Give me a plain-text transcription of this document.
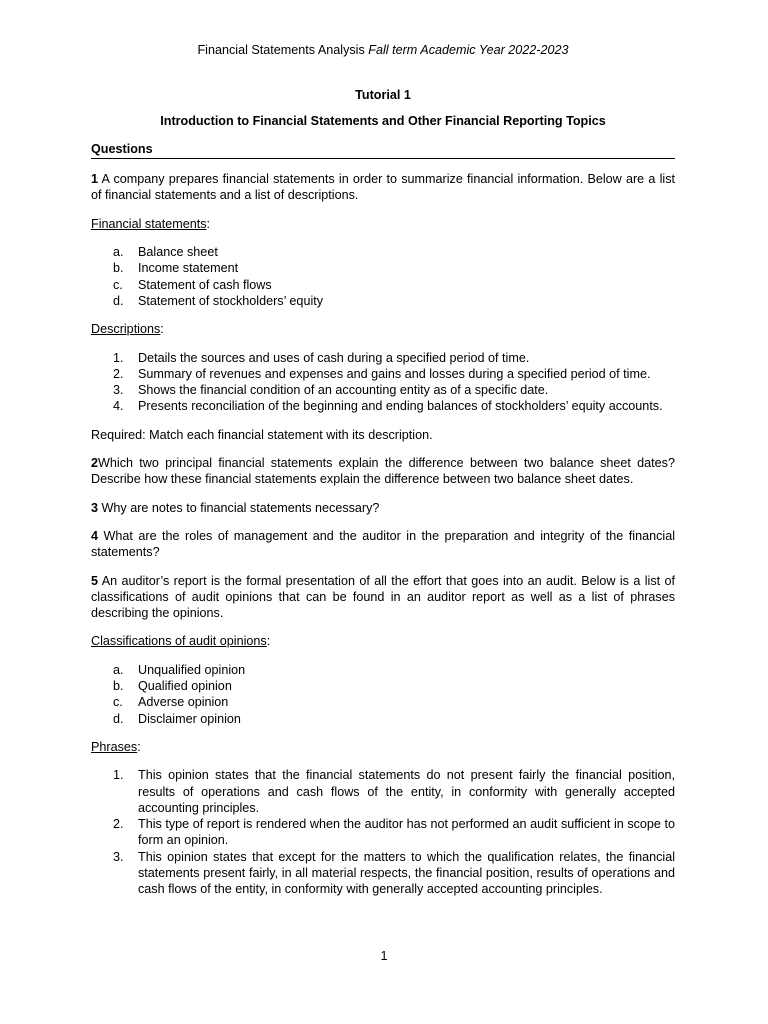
Financial Statements Analysis Fall term Academic Year 2022-2023
Tutorial 1
Introduction to Financial Statements and Other Financial Reporting Topics
Questions

1 A company prepares financial statements in order to summarize financial information. Below are a list of financial statements and a list of descriptions.

Financial statements:

a.	Balance sheet
b.	Income statement
c.	Statement of cash flows
d.	Statement of stockholders’ equity

Descriptions:

1.	Details the sources and uses of cash during a specified period of time.
2.	Summary of revenues and expenses and gains and losses during a specified period of time.
3.	Shows the financial condition of an accounting entity as of a specific date.
4.	Presents reconciliation of the beginning and ending balances of stockholders’ equity accounts.

Required: Match each financial statement with its description.

2Which two principal financial statements explain the difference between two balance sheet dates? Describe how these financial statements explain the difference between two balance sheet dates.

3 Why are notes to financial statements necessary?

4 What are the roles of management and the auditor in the preparation and integrity of the financial statements?

5 An auditor’s report is the formal presentation of all the effort that goes into an audit. Below is a list of classifications of audit opinions that can be found in an auditor report as well as a list of phrases describing the opinions.

Classifications of audit opinions:

a.	Unqualified opinion
b.	Qualified opinion
c.	Adverse opinion
d.	Disclaimer opinion

Phrases:

1.	This opinion states that the financial statements do not present fairly the financial position, results of operations and cash flows of the entity, in conformity with generally accepted accounting principles.
2.	This type of report is rendered when the auditor has not performed an audit sufficient in scope to form an opinion.
3.	This opinion states that except for the matters to which the qualification relates, the financial statements present fairly, in all material respects, the financial position, results of operations and cash flows of the entity, in conformity with generally accepted accounting principles.
1
